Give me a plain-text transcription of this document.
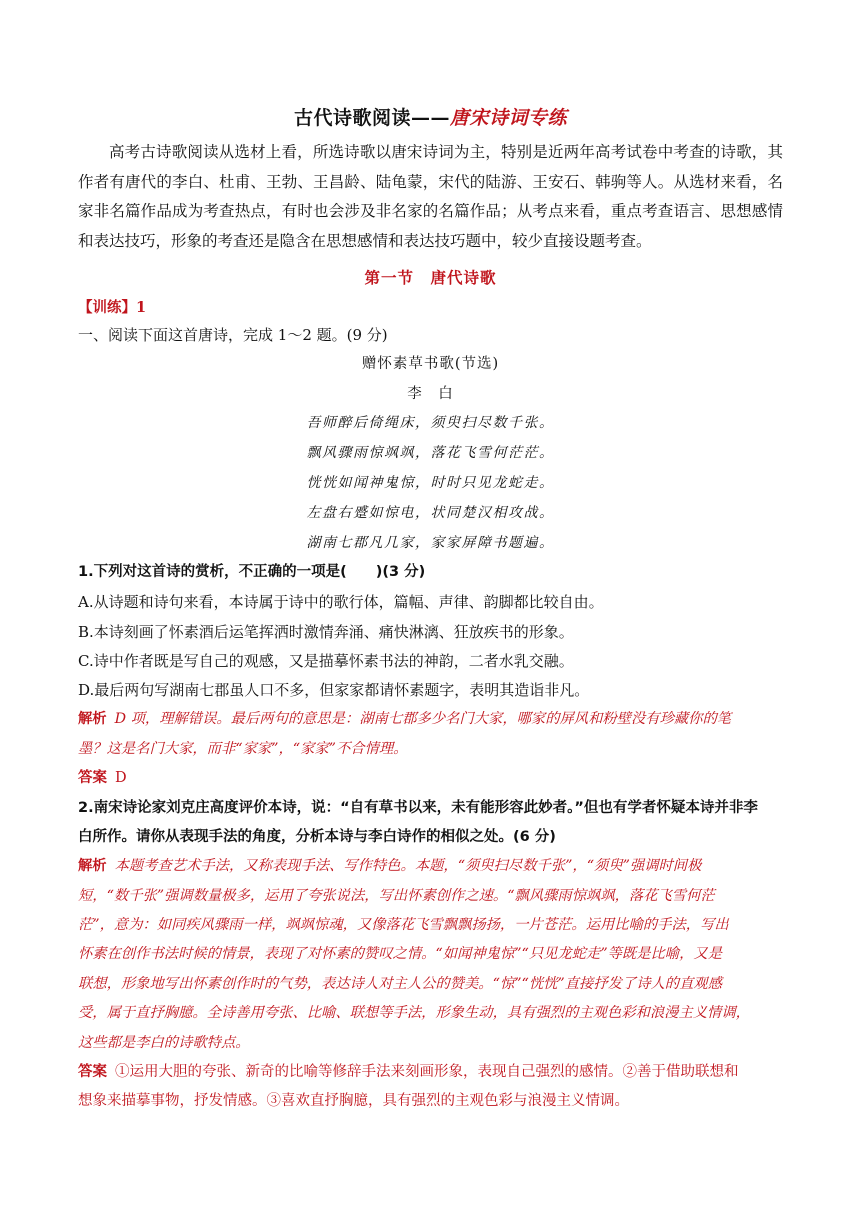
古代诗歌阅读——唐宋诗词专练
高考古诗歌阅读从选材上看，所选诗歌以唐宋诗词为主，特别是近两年高考试卷中考查的诗歌，其作者有唐代的李白、杜甫、王勃、王昌龄、陆龟蒙，宋代的陆游、王安石、韩驹等人。从选材来看，名家非名篇作品成为考查热点，有时也会涉及非名家的名篇作品；从考点来看，重点考查语言、思想感情和表达技巧，形象的考查还是隐含在思想感情和表达技巧题中，较少直接设题考查。
第一节　唐代诗歌
【训练】1
一、阅读下面这首唐诗，完成 1～2 题。(9 分)
赠怀素草书歌(节选)
李　白
吾师醉后倚绳床，须臾扫尽数千张。
飘风骤雨惊飒飒，落花飞雪何茫茫。
恍恍如闻神鬼惊，时时只见龙蛇走。
左盘右蹙如惊电，状同楚汉相攻战。
湖南七郡凡几家，家家屏障书题遍。
1.下列对这首诗的赏析，不正确的一项是(　　)(3 分)
A.从诗题和诗句来看，本诗属于诗中的歌行体，篇幅、声律、韵脚都比较自由。
B.本诗刻画了怀素酒后运笔挥洒时激情奔涌、痛快淋漓、狂放疾书的形象。
C.诗中作者既是写自己的观感，又是描摹怀素书法的神韵，二者水乳交融。
D.最后两句写湖南七郡虽人口不多，但家家都请怀素题字，表明其造诣非凡。
解析 D 项，理解错误。最后两句的意思是：湖南七郡多少名门大家，哪家的屏风和粉壁没有珍藏你的笔
墨？这是名门大家，而非“家家”，“家家”不合情理。
答案 D
2.南宋诗论家刘克庄高度评价本诗，说：“自有草书以来，未有能形容此妙者。”但也有学者怀疑本诗并非李
白所作。请你从表现手法的角度，分析本诗与李白诗作的相似之处。(6 分)
解析 本题考查艺术手法，又称表现手法、写作特色。本题，“须臾扫尽数千张”，“须臾”强调时间极
短，“数千张”强调数量极多，运用了夸张说法，写出怀素创作之速。“飘风骤雨惊飒飒，落花飞雪何茫
茫”，意为：如同疾风骤雨一样，飒飒惊魂，又像落花飞雪飘飘扬扬，一片苍茫。运用比喻的手法，写出
怀素在创作书法时候的情景，表现了对怀素的赞叹之情。“如闻神鬼惊”“只见龙蛇走”等既是比喻，又是
联想，形象地写出怀素创作时的气势，表达诗人对主人公的赞美。“惊”“恍恍”直接抒发了诗人的直观感
受，属于直抒胸臆。全诗善用夸张、比喻、联想等手法，形象生动，具有强烈的主观色彩和浪漫主义情调，
这些都是李白的诗歌特点。
答案 ①运用大胆的夸张、新奇的比喻等修辞手法来刻画形象，表现自己强烈的感情。②善于借助联想和
想象来描摹事物，抒发情感。③喜欢直抒胸臆，具有强烈的主观色彩与浪漫主义情调。
